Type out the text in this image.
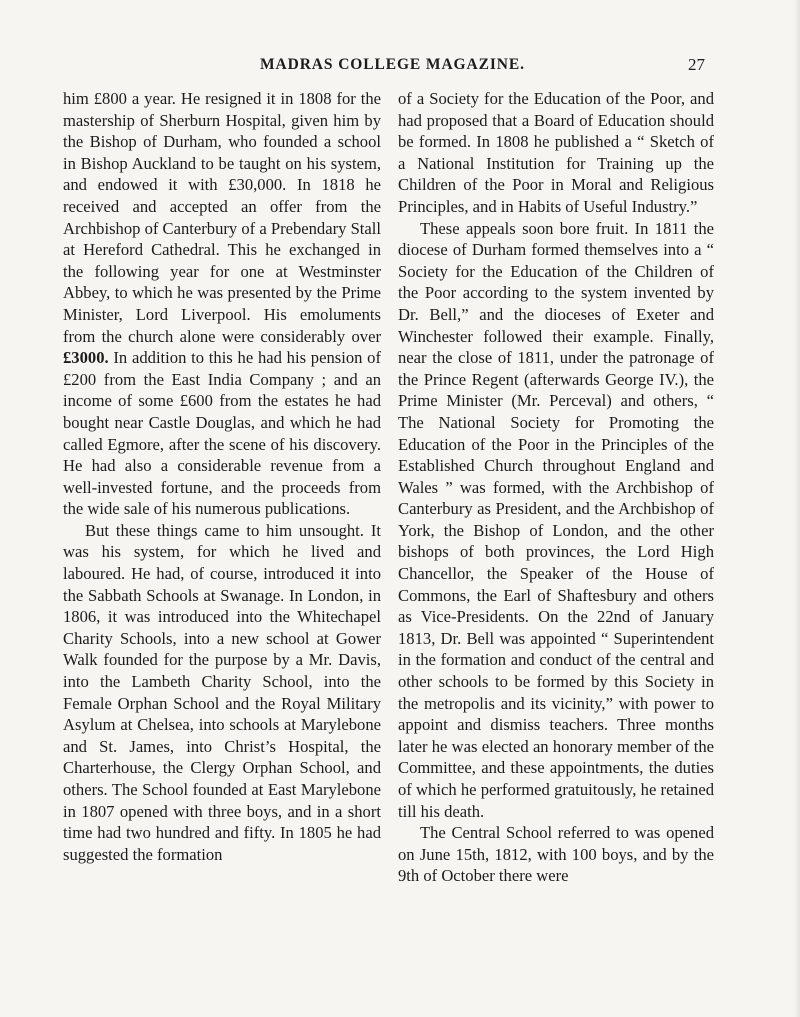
MADRAS COLLEGE MAGAZINE.	27

him £800 a year. He resigned it in 1808 for the mastership of Sherburn Hospital, given him by the Bishop of Durham, who founded a school in Bishop Auckland to be taught on his system, and endowed it with £30,000. In 1818 he received and accepted an offer from the Archbishop of Canterbury of a Prebendary Stall at Hereford Cathedral. This he exchanged in the following year for one at Westminster Abbey, to which he was presented by the Prime Minister, Lord Liverpool. His emoluments from the church alone were considerably over £3000. In addition to this he had his pension of £200 from the East India Company ; and an income of some £600 from the estates he had bought near Castle Douglas, and which he had called Egmore, after the scene of his discovery. He had also a considerable revenue from a well-invested fortune, and the proceeds from the wide sale of his numerous publications.

But these things came to him unsought. It was his system, for which he lived and laboured. He had, of course, introduced it into the Sabbath Schools at Swanage. In London, in 1806, it was introduced into the Whitechapel Charity Schools, into a new school at Gower Walk founded for the purpose by a Mr. Davis, into the Lambeth Charity School, into the Female Orphan School and the Royal Military Asylum at Chelsea, into schools at Marylebone and St. James, into Christ’s Hospital, the Charterhouse, the Clergy Orphan School, and others. The School founded at East Marylebone in 1807 opened with three boys, and in a short time had two hundred and fifty. In 1805 he had suggested the formation

of a Society for the Education of the Poor, and had proposed that a Board of Education should be formed. In 1808 he published a “ Sketch of a National Institution for Training up the Children of the Poor in Moral and Religious Principles, and in Habits of Useful Industry.”

These appeals soon bore fruit. In 1811 the diocese of Durham formed themselves into a “ Society for the Education of the Children of the Poor according to the system invented by Dr. Bell,” and the dioceses of Exeter and Winchester followed their example. Finally, near the close of 1811, under the patronage of the Prince Regent (afterwards George IV.), the Prime Minister (Mr. Perceval) and others, “ The National Society for Promoting the Education of the Poor in the Principles of the Established Church throughout England and Wales ” was formed, with the Archbishop of Canterbury as President, and the Archbishop of York, the Bishop of London, and the other bishops of both provinces, the Lord High Chancellor, the Speaker of the House of Commons, the Earl of Shaftesbury and others as Vice-Presidents. On the 22nd of January 1813, Dr. Bell was appointed “ Superintendent in the formation and conduct of the central and other schools to be formed by this Society in the metropolis and its vicinity,” with power to appoint and dismiss teachers. Three months later he was elected an honorary member of the Committee, and these appointments, the duties of which he performed gratuitously, he retained till his death.

The Central School referred to was opened on June 15th, 1812, with 100 boys, and by the 9th of October there were
